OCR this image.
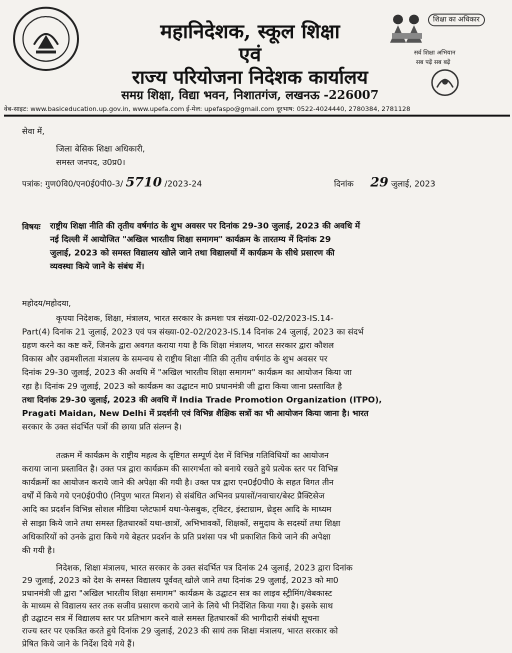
महानिदेशक, स्कूल शिक्षा
एवं
राज्य परियोजना निदेशक कार्यालय
समग्र शिक्षा, विद्या भवन, निशातगंज, लखनऊ -226007
शिक्षा का अधिकार
सर्व शिक्षा अभियान
सब पढ़ें सब बढ़ें
वेब-साइट: www.basiceducation.up.gov.in, www.upefa.com ई-मेल: upefaspo@gmail.com दूरभाष: 0522-4024440, 2780384, 2781128
सेवा में,
जिला बेसिक शिक्षा अधिकारी,
समस्त जनपद, उ0प्र0।
पत्रांक: गुण0वि0/एन0ई0पी0-3/ 5710 /2023-24	दिनांक 29 जुलाई, 2023
विषयः राष्ट्रीय शिक्षा नीति की तृतीय वर्षगांठ के शुभ अवसर पर दिनांक 29-30 जुलाई, 2023 की अवधि में
नई दिल्ली में आयोजित "अखिल भारतीय शिक्षा समागम" कार्यक्रम के तारतम्य में दिनांक 29
जुलाई, 2023 को समस्त विद्यालय खोले जाने तथा विद्यालयों में कार्यक्रम के सीधे प्रसारण की
व्यवस्था किये जाने के संबंध में।
महोदय/महोदया,
कृपया निदेशक, शिक्षा, मंत्रालय, भारत सरकार के क्रमशः पत्र संख्या-02-02/2023-IS.14-
Part(4) दिनांक 21 जुलाई, 2023 एवं पत्र संख्या-02-02/2023-IS.14 दिनांक 24 जुलाई, 2023 का संदर्भ
ग्रहण करने का कष्ट करें, जिनके द्वारा अवगत कराया गया है कि शिक्षा मंत्रालय, भारत सरकार द्वारा कौशल
विकास और उद्यमशीलता मंत्रालय के समन्वय से राष्ट्रीय शिक्षा नीति की तृतीय वर्षगांठ के शुभ अवसर पर
दिनांक 29-30 जुलाई, 2023 की अवधि में "अखिल भारतीय शिक्षा समागम" कार्यक्रम का आयोजन किया जा
रहा है। दिनांक 29 जुलाई, 2023 को कार्यक्रम का उद्घाटन मा0 प्रधानमंत्री जी द्वारा किया जाना प्रस्तावित है
तथा दिनांक 29-30 जुलाई, 2023 की अवधि में India Trade Promotion Organization (ITPO),
Pragati Maidan, New Delhi में प्रदर्शनी एवं विभिन्न शैक्षिक सत्रों का भी आयोजन किया जाना है। भारत
सरकार के उक्त संदर्भित पत्रों की छाया प्रति संलग्न है।
तत्क्रम में कार्यक्रम के राष्ट्रीय महत्व के दृष्टिगत सम्पूर्ण देश में विभिन्न गतिविधियों का आयोजन
कराया जाना प्रस्तावित है। उक्त पत्र द्वारा कार्यक्रम की सारगर्भता को बनाये रखते हुये प्रत्येक स्तर पर विभिन्न
कार्यक्रमों का आयोजन कराये जाने की अपेक्षा की गयी है। उक्त पत्र द्वारा एन0ई0पी0 के सहत विगत तीन
वर्षों में किये गये एन0ई0पी0 (निपुण भारत मिशन) से संबंधित अभिनव प्रयासों/नवाचार/बेस्ट प्रैक्टिसेज
आदि का प्रदर्शन विभिन्न सोशल मीडिया प्लेटफार्म यथा-फेसबुक, ट्विटर, इंस्टाग्राम, थ्रेड्स आदि के माध्यम
से साझा किये जाने तथा समस्त हितधारकों यथा-छात्रों, अभिभावकों, शिक्षकों, समुदाय के सदस्यों तथा शिक्षा
अधिकारियों को उनके द्वारा किये गये बेहतर प्रदर्शन के प्रति प्रशंसा पत्र भी प्रकाशित किये जाने की अपेक्षा
की गयी है।
निदेशक, शिक्षा मंत्रालय, भारत सरकार के उक्त संदर्भित पत्र दिनांक 24 जुलाई, 2023 द्वारा दिनांक
29 जुलाई, 2023 को देश के समस्त विद्यालय पूर्ववत् खोले जाने तथा दिनांक 29 जुलाई, 2023 को मा0
प्रधानमंत्री जी द्वारा "अखिल भारतीय शिक्षा समागम" कार्यक्रम के उद्घाटन सत्र का लाइव स्ट्रीमिंग/वेबकास्ट
के माध्यम से विद्यालय स्तर तक सजीव प्रसारण कराये जाने के लिये भी निर्देशित किया गया है। इसके साथ
ही उद्घाटन सत्र में विद्यालय स्तर पर प्रतिभाग करने वाले समस्त हितधारकों की भागीदारी संबंधी सूचना
राज्य स्तर पर एकत्रित करते हुये दिनांक 29 जुलाई, 2023 की सायं तक शिक्षा मंत्रालय, भारत सरकार को
प्रेषित किये जाने के निर्देश दिये गये हैं।
